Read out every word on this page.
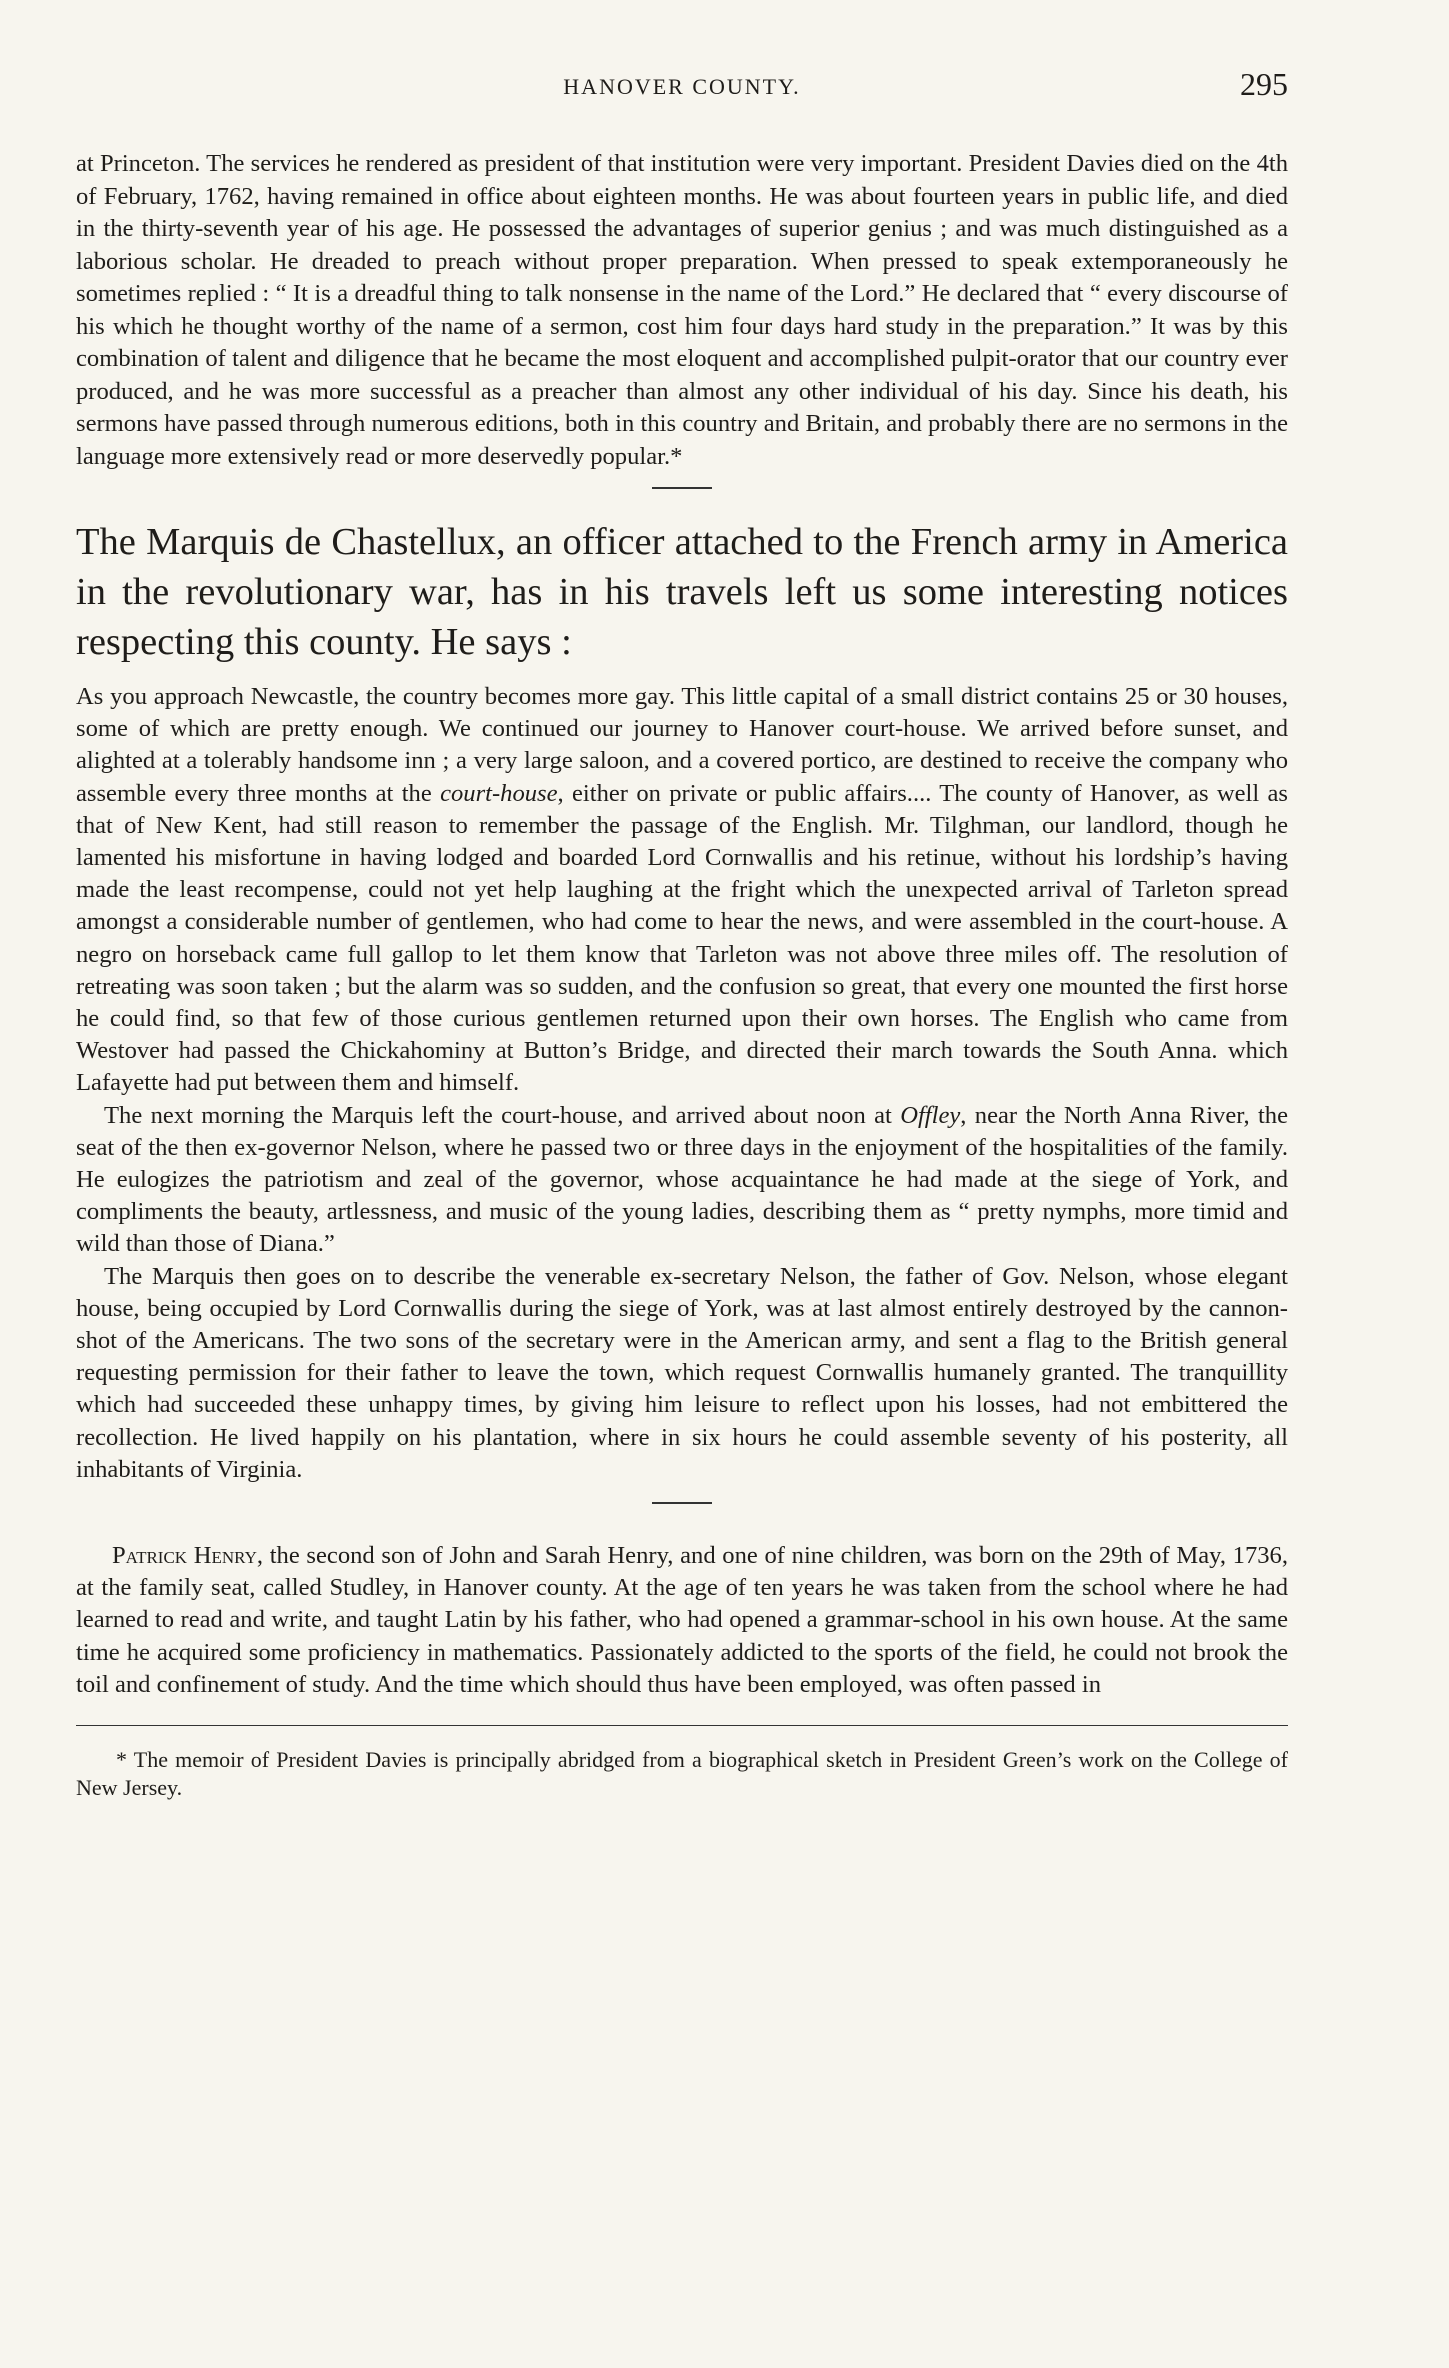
HANOVER COUNTY.	295

at Princeton. The services he rendered as president of that institution were very important. President Davies died on the 4th of February, 1762, having remained in office about eighteen months. He was about fourteen years in public life, and died in the thirty-seventh year of his age. He possessed the advantages of superior genius ; and was much distinguished as a laborious scholar. He dreaded to preach without proper preparation. When pressed to speak extemporaneously he sometimes replied : “ It is a dreadful thing to talk nonsense in the name of the Lord.” He declared that “ every discourse of his which he thought worthy of the name of a sermon, cost him four days hard study in the preparation.” It was by this combination of talent and diligence that he became the most eloquent and accomplished pulpit-orator that our country ever produced, and he was more successful as a preacher than almost any other individual of his day. Since his death, his sermons have passed through numerous editions, both in this country and Britain, and probably there are no sermons in the language more extensively read or more deservedly popular.*

The Marquis de Chastellux, an officer attached to the French army in America in the revolutionary war, has in his travels left us some interesting notices respecting this county. He says :

As you approach Newcastle, the country becomes more gay. This little capital of a small district contains 25 or 30 houses, some of which are pretty enough. We continued our journey to Hanover court-house. We arrived before sunset, and alighted at a tolerably handsome inn ; a very large saloon, and a covered portico, are destined to receive the company who assemble every three months at the court-house, either on private or public affairs.... The county of Hanover, as well as that of New Kent, had still reason to remember the passage of the English. Mr. Tilghman, our landlord, though he lamented his misfortune in having lodged and boarded Lord Cornwallis and his retinue, without his lordship’s having made the least recompense, could not yet help laughing at the fright which the unexpected arrival of Tarleton spread amongst a considerable number of gentlemen, who had come to hear the news, and were assembled in the court-house. A negro on horseback came full gallop to let them know that Tarleton was not above three miles off. The resolution of retreating was soon taken ; but the alarm was so sudden, and the confusion so great, that every one mounted the first horse he could find, so that few of those curious gentlemen returned upon their own horses. The English who came from Westover had passed the Chickahominy at Button’s Bridge, and directed their march towards the South Anna. which Lafayette had put between them and himself.

The next morning the Marquis left the court-house, and arrived about noon at Offley, near the North Anna River, the seat of the then ex-governor Nelson, where he passed two or three days in the enjoyment of the hospitalities of the family. He eulogizes the patriotism and zeal of the governor, whose acquaintance he had made at the siege of York, and compliments the beauty, artlessness, and music of the young ladies, describing them as “ pretty nymphs, more timid and wild than those of Diana.”

The Marquis then goes on to describe the venerable ex-secretary Nelson, the father of Gov. Nelson, whose elegant house, being occupied by Lord Cornwallis during the siege of York, was at last almost entirely destroyed by the cannon-shot of the Americans. The two sons of the secretary were in the American army, and sent a flag to the British general requesting permission for their father to leave the town, which request Cornwallis humanely granted. The tranquillity which had succeeded these unhappy times, by giving him leisure to reflect upon his losses, had not embittered the recollection. He lived happily on his plantation, where in six hours he could assemble seventy of his posterity, all inhabitants of Virginia.

Patrick Henry, the second son of John and Sarah Henry, and one of nine children, was born on the 29th of May, 1736, at the family seat, called Studley, in Hanover county. At the age of ten years he was taken from the school where he had learned to read and write, and taught Latin by his father, who had opened a grammar-school in his own house. At the same time he acquired some proficiency in mathematics. Passionately addicted to the sports of the field, he could not brook the toil and confinement of study. And the time which should thus have been employed, was often passed in

* The memoir of President Davies is principally abridged from a biographical sketch in President Green’s work on the College of New Jersey.
